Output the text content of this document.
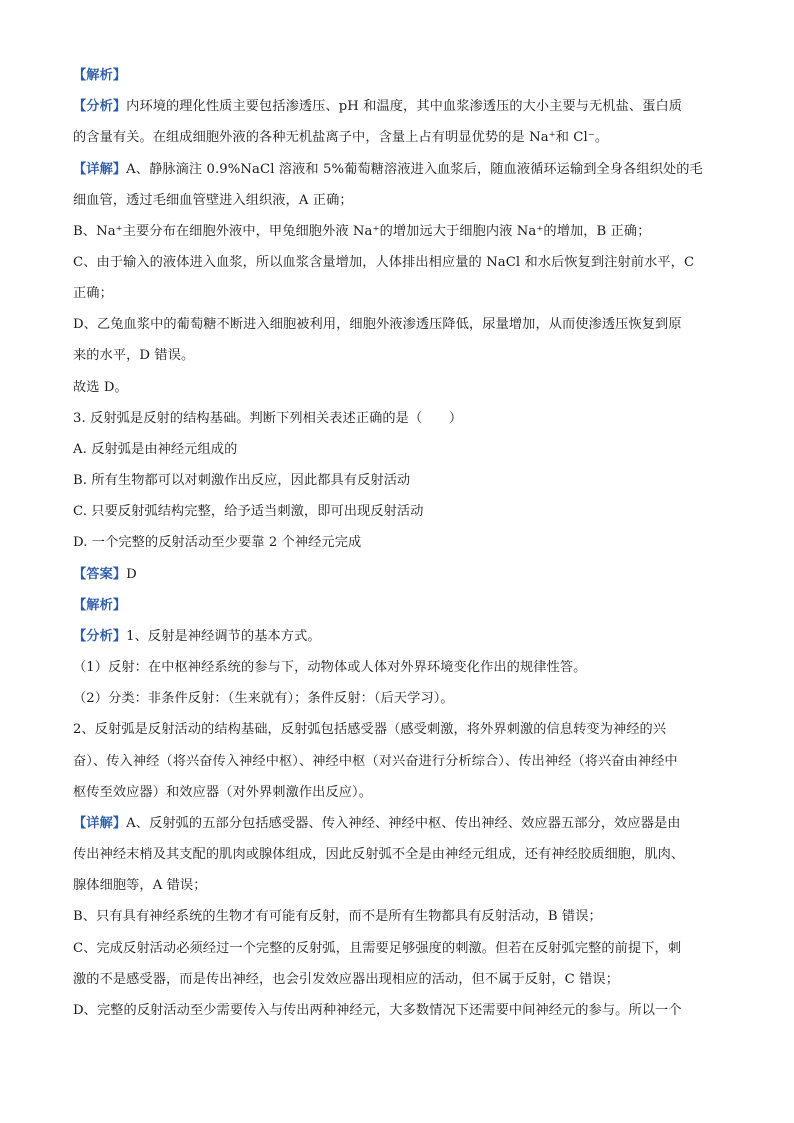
【解析】
【分析】内环境的理化性质主要包括渗透压、pH 和温度，其中血浆渗透压的大小主要与无机盐、蛋白质
的含量有关。在组成细胞外液的各种无机盐离子中，含量上占有明显优势的是 Na⁺和 Cl⁻。
【详解】A、静脉滴注 0.9%NaCl 溶液和 5%葡萄糖溶液进入血浆后，随血液循环运输到全身各组织处的毛
细血管，透过毛细血管壁进入组织液，A 正确；
B、Na⁺主要分布在细胞外液中，甲兔细胞外液 Na⁺的增加远大于细胞内液 Na⁺的增加，B 正确；
C、由于输入的液体进入血浆，所以血浆含量增加，人体排出相应量的 NaCl 和水后恢复到注射前水平，C
正确；
D、乙兔血浆中的葡萄糖不断进入细胞被利用，细胞外液渗透压降低，尿量增加，从而使渗透压恢复到原
来的水平，D 错误。
故选 D。
3. 反射弧是反射的结构基础。判断下列相关表述正确的是（　　）
A. 反射弧是由神经元组成的
B. 所有生物都可以对刺激作出反应，因此都具有反射活动
C. 只要反射弧结构完整，给予适当刺激，即可出现反射活动
D. 一个完整的反射活动至少要靠 2 个神经元完成
【答案】D
【解析】
【分析】1、反射是神经调节的基本方式。
（1）反射：在中枢神经系统的参与下，动物体或人体对外界环境变化作出的规律性答。
（2）分类：非条件反射：（生来就有）；条件反射：（后天学习）。
2、反射弧是反射活动的结构基础，反射弧包括感受器（感受刺激，将外界刺激的信息转变为神经的兴
奋）、传入神经（将兴奋传入神经中枢）、神经中枢（对兴奋进行分析综合）、传出神经（将兴奋由神经中
枢传至效应器）和效应器（对外界刺激作出反应）。
【详解】A、反射弧的五部分包括感受器、传入神经、神经中枢、传出神经、效应器五部分，效应器是由
传出神经末梢及其支配的肌肉或腺体组成，因此反射弧不全是由神经元组成，还有神经胶质细胞，肌肉、
腺体细胞等，A 错误；
B、只有具有神经系统的生物才有可能有反射，而不是所有生物都具有反射活动，B 错误；
C、完成反射活动必须经过一个完整的反射弧，且需要足够强度的刺激。但若在反射弧完整的前提下，刺
激的不是感受器，而是传出神经，也会引发效应器出现相应的活动，但不属于反射，C 错误；
D、完整的反射活动至少需要传入与传出两种神经元，大多数情况下还需要中间神经元的参与。所以一个
